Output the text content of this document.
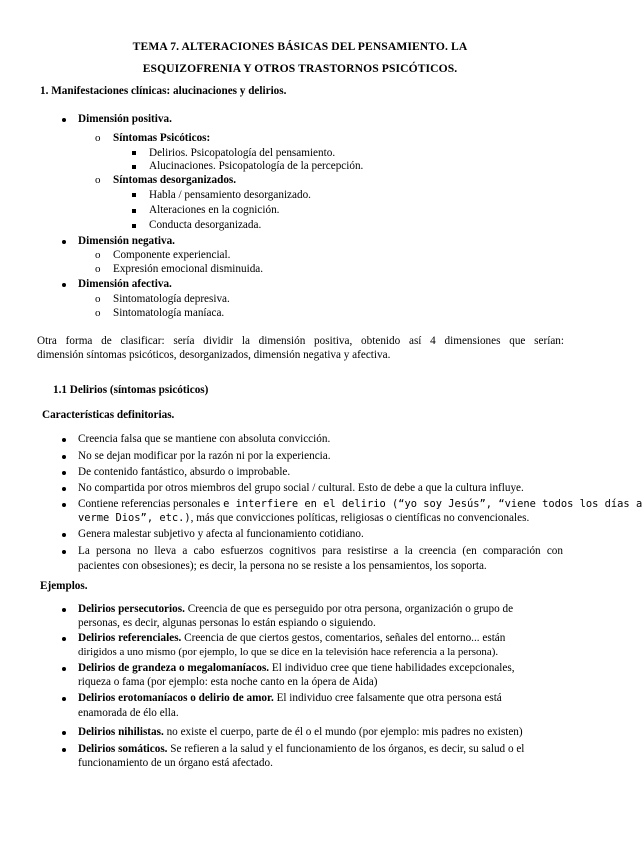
TEMA 7. ALTERACIONES BÁSICAS DEL PENSAMIENTO. LA
ESQUIZOFRENIA Y OTROS TRASTORNOS PSICÓTICOS.
1. Manifestaciones clínicas: alucinaciones y delirios.
Dimensión positiva.
o Síntomas Psicóticos:
Delirios. Psicopatología del pensamiento.
Alucinaciones. Psicopatología de la percepción.
o Síntomas desorganizados.
Habla / pensamiento desorganizado.
Alteraciones en la cognición.
Conducta desorganizada.
Dimensión negativa.
o Componente experiencial.
o Expresión emocional disminuida.
Dimensión afectiva.
o Sintomatología depresiva.
o Sintomatología maníaca.
Otra forma de clasificar: sería dividir la dimensión positiva, obtenido así 4 dimensiones que serían:
dimensión síntomas psicóticos, desorganizados, dimensión negativa y afectiva.
1.1 Delirios (síntomas psicóticos)
Características definitorias.
Creencia falsa que se mantiene con absoluta convicción.
No se dejan modificar por la razón ni por la experiencia.
De contenido fantástico, absurdo o improbable.
No compartida por otros miembros del grupo social / cultural. Esto de debe a que la cultura influye.
Contiene referencias personales e interfiere en el delirio (“yo soy Jesús”, “viene todos los días a
verme Dios”, etc.), más que convicciones políticas, religiosas o científicas no convencionales.
Genera malestar subjetivo y afecta al funcionamiento cotidiano.
La persona no lleva a cabo esfuerzos cognitivos para resistirse a la creencia (en comparación con
pacientes con obsesiones); es decir, la persona no se resiste a los pensamientos, los soporta.
Ejemplos.
Delirios persecutorios. Creencia de que es perseguido por otra persona, organización o grupo de
personas, es decir, algunas personas lo están espiando o siguiendo.
Delirios referenciales. Creencia de que ciertos gestos, comentarios, señales del entorno... están
dirigidos a uno mismo (por ejemplo, lo que se dice en la televisión hace referencia a la persona).
Delirios de grandeza o megalomaníacos. El individuo cree que tiene habilidades excepcionales,
riqueza o fama (por ejemplo: esta noche canto en la ópera de Aida)
Delirios erotomaníacos o delirio de amor. El individuo cree falsamente que otra persona está
enamorada de élo ella.
Delirios nihilistas. no existe el cuerpo, parte de él o el mundo (por ejemplo: mis padres no existen)
Delirios somáticos. Se refieren a la salud y el funcionamiento de los órganos, es decir, su salud o el
funcionamiento de un órgano está afectado.
